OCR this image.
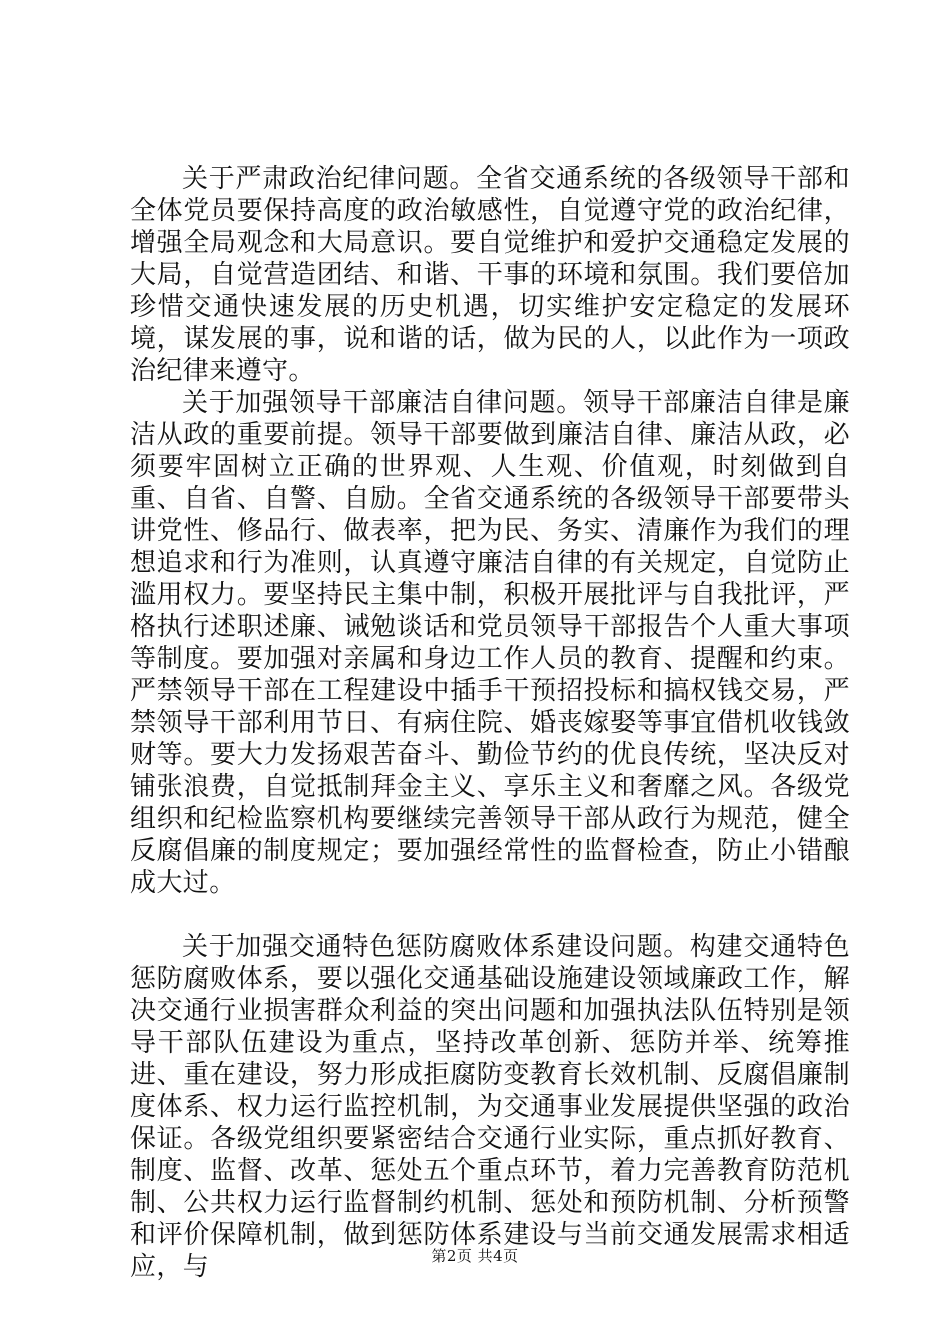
关于严肃政治纪律问题。全省交通系统的各级领导干部和全体党员要保持高度的政治敏感性，自觉遵守党的政治纪律，增强全局观念和大局意识。要自觉维护和爱护交通稳定发展的大局，自觉营造团结、和谐、干事的环境和氛围。我们要倍加珍惜交通快速发展的历史机遇，切实维护安定稳定的发展环境，谋发展的事，说和谐的话，做为民的人，以此作为一项政治纪律来遵守。

关于加强领导干部廉洁自律问题。领导干部廉洁自律是廉洁从政的重要前提。领导干部要做到廉洁自律、廉洁从政，必须要牢固树立正确的世界观、人生观、价值观，时刻做到自重、自省、自警、自励。全省交通系统的各级领导干部要带头讲党性、修品行、做表率，把为民、务实、清廉作为我们的理想追求和行为准则，认真遵守廉洁自律的有关规定，自觉防止滥用权力。要坚持民主集中制，积极开展批评与自我批评，严格执行述职述廉、诫勉谈话和党员领导干部报告个人重大事项等制度。要加强对亲属和身边工作人员的教育、提醒和约束。严禁领导干部在工程建设中插手干预招投标和搞权钱交易，严禁领导干部利用节日、有病住院、婚丧嫁娶等事宜借机收钱敛财等。要大力发扬艰苦奋斗、勤俭节约的优良传统，坚决反对铺张浪费，自觉抵制拜金主义、享乐主义和奢靡之风。各级党组织和纪检监察机构要继续完善领导干部从政行为规范，健全反腐倡廉的制度规定；要加强经常性的监督检查，防止小错酿成大过。

关于加强交通特色惩防腐败体系建设问题。构建交通特色惩防腐败体系，要以强化交通基础设施建设领域廉政工作，解决交通行业损害群众利益的突出问题和加强执法队伍特别是领导干部队伍建设为重点，坚持改革创新、惩防并举、统筹推进、重在建设，努力形成拒腐防变教育长效机制、反腐倡廉制度体系、权力运行监控机制，为交通事业发展提供坚强的政治保证。各级党组织要紧密结合交通行业实际，重点抓好教育、制度、监督、改革、惩处五个重点环节，着力完善教育防范机制、公共权力运行监督制约机制、惩处和预防机制、分析预警和评价保障机制，做到惩防体系建设与当前交通发展需求相适应，与	第2页 共4页
